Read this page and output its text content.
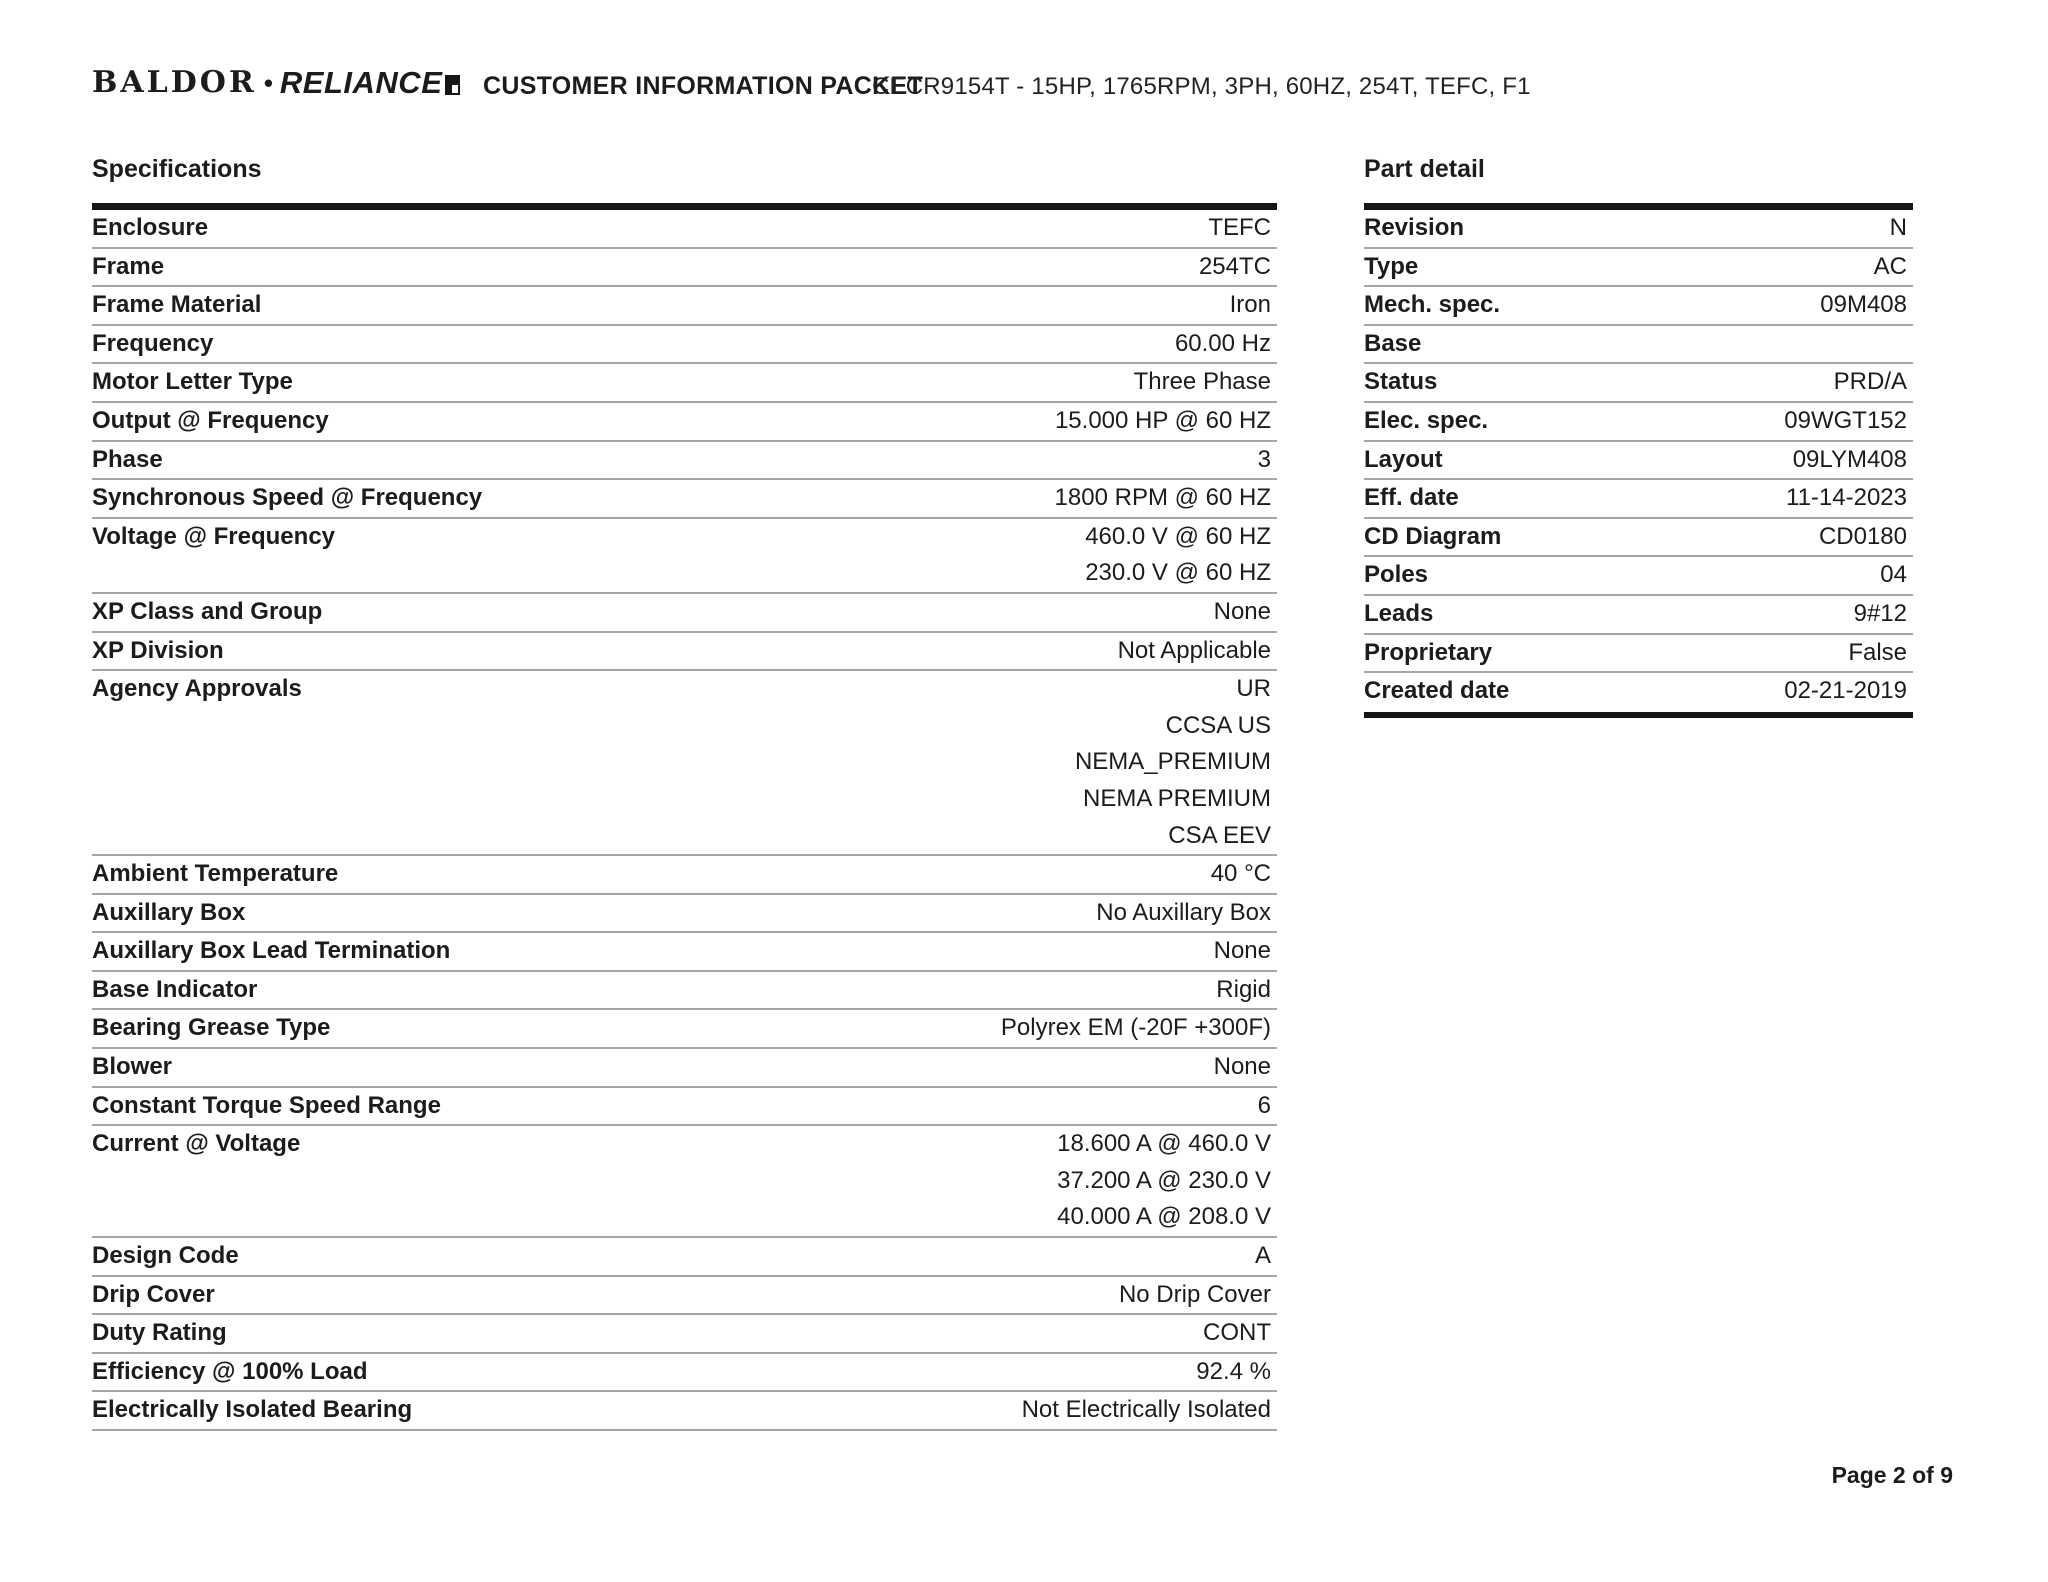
BALDOR • RELIANCE CUSTOMER INFORMATION PACKET
CECR9154T - 15HP, 1765RPM, 3PH, 60HZ, 254T, TEFC, F1
Specifications
Enclosure	TEFC
Frame	254TC
Frame Material	Iron
Frequency	60.00 Hz
Motor Letter Type	Three Phase
Output @ Frequency	15.000 HP @ 60 HZ
Phase	3
Synchronous Speed @ Frequency	1800 RPM @ 60 HZ
Voltage @ Frequency	460.0 V @ 60 HZ
230.0 V @ 60 HZ
XP Class and Group	None
XP Division	Not Applicable
Agency Approvals	UR
CCSA US
NEMA_PREMIUM
NEMA PREMIUM
CSA EEV
Ambient Temperature	40 °C
Auxillary Box	No Auxillary Box
Auxillary Box Lead Termination	None
Base Indicator	Rigid
Bearing Grease Type	Polyrex EM (-20F +300F)
Blower	None
Constant Torque Speed Range	6
Current @ Voltage	18.600 A @ 460.0 V
37.200 A @ 230.0 V
40.000 A @ 208.0 V
Design Code	A
Drip Cover	No Drip Cover
Duty Rating	CONT
Efficiency @ 100% Load	92.4 %
Electrically Isolated Bearing	Not Electrically Isolated
Part detail
Revision	N
Type	AC
Mech. spec.	09M408
Base
Status	PRD/A
Elec. spec.	09WGT152
Layout	09LYM408
Eff. date	11-14-2023
CD Diagram	CD0180
Poles	04
Leads	9#12
Proprietary	False
Created date	02-21-2019
Page 2 of 9
